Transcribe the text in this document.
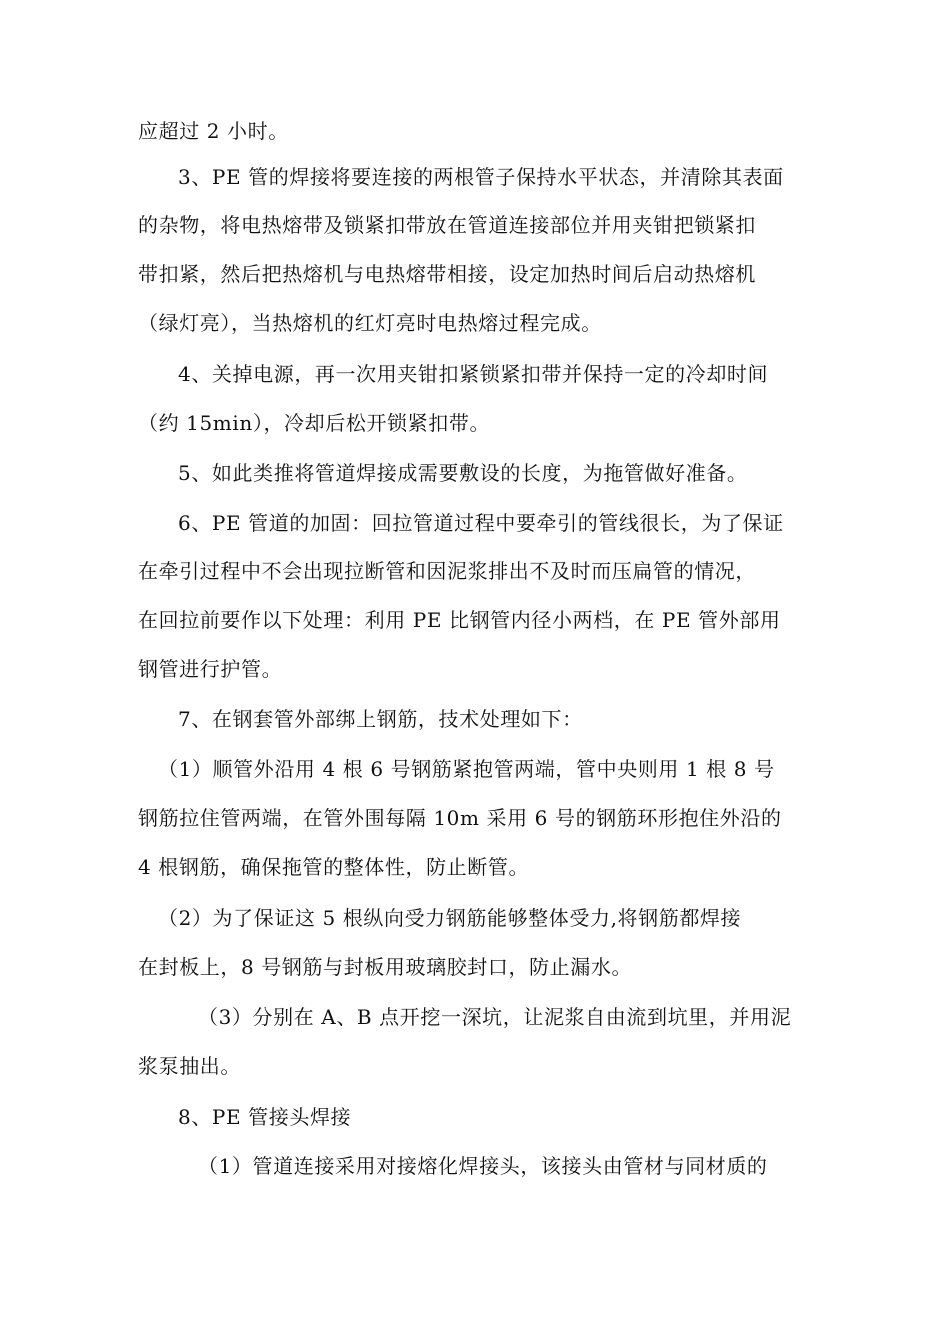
应超过 2 小时。
3、PE 管的焊接将要连接的两根管子保持水平状态，并清除其表面
的杂物，将电热熔带及锁紧扣带放在管道连接部位并用夹钳把锁紧扣
带扣紧，然后把热熔机与电热熔带相接，设定加热时间后启动热熔机
（绿灯亮），当热熔机的红灯亮时电热熔过程完成。
4、关掉电源，再一次用夹钳扣紧锁紧扣带并保持一定的冷却时间
（约 15min），冷却后松开锁紧扣带。
5、如此类推将管道焊接成需要敷设的长度，为拖管做好准备。
6、PE 管道的加固：回拉管道过程中要牵引的管线很长，为了保证
在牵引过程中不会出现拉断管和因泥浆排出不及时而压扁管的情况，
在回拉前要作以下处理：利用 PE 比钢管内径小两档，在 PE 管外部用
钢管进行护管。
7、在钢套管外部绑上钢筋，技术处理如下：
（1）顺管外沿用 4 根 6 号钢筋紧抱管两端，管中央则用 1 根 8 号
钢筋拉住管两端，在管外围每隔 10m 采用 6 号的钢筋环形抱住外沿的
4 根钢筋，确保拖管的整体性，防止断管。
（2）为了保证这 5 根纵向受力钢筋能够整体受力,将钢筋都焊接
在封板上，8 号钢筋与封板用玻璃胶封口，防止漏水。
（3）分别在 A、B 点开挖一深坑，让泥浆自由流到坑里，并用泥
浆泵抽出。
8、PE 管接头焊接
（1）管道连接采用对接熔化焊接头，该接头由管材与同材质的
